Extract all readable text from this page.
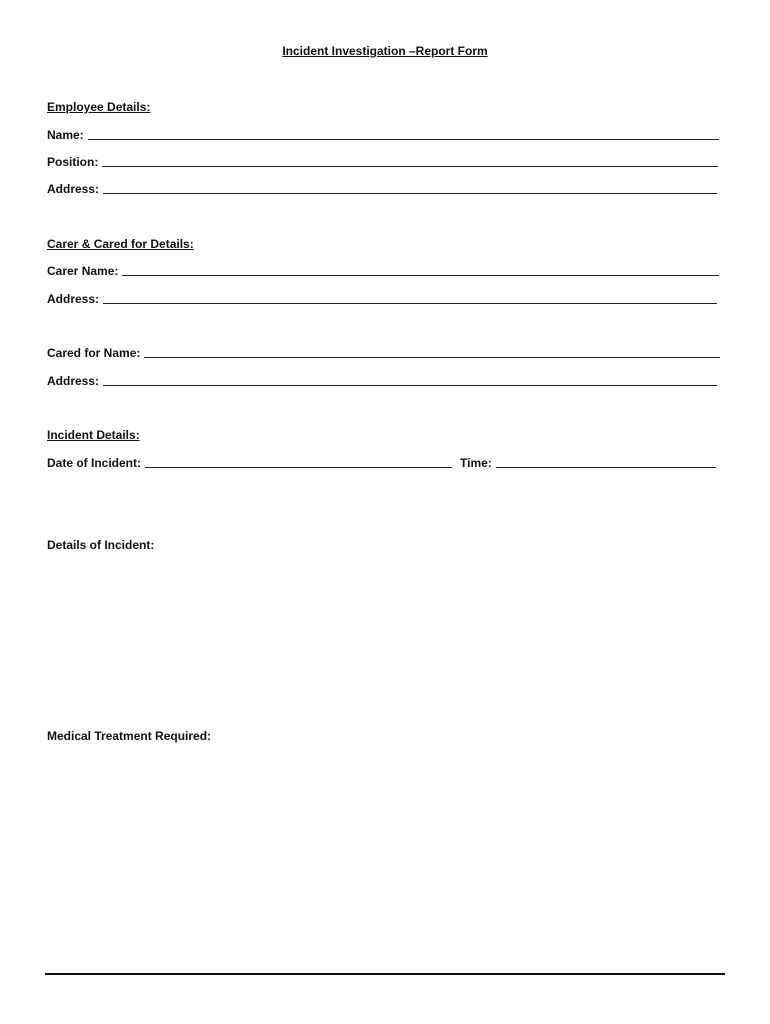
Incident Investigation –Report Form
Employee Details:
Name:
Position:
Address:
Carer & Cared for Details:
Carer Name:
Address:
Cared for Name:
Address:
Incident Details:
Date of Incident:	Time:
Details of Incident:
Medical Treatment Required:
